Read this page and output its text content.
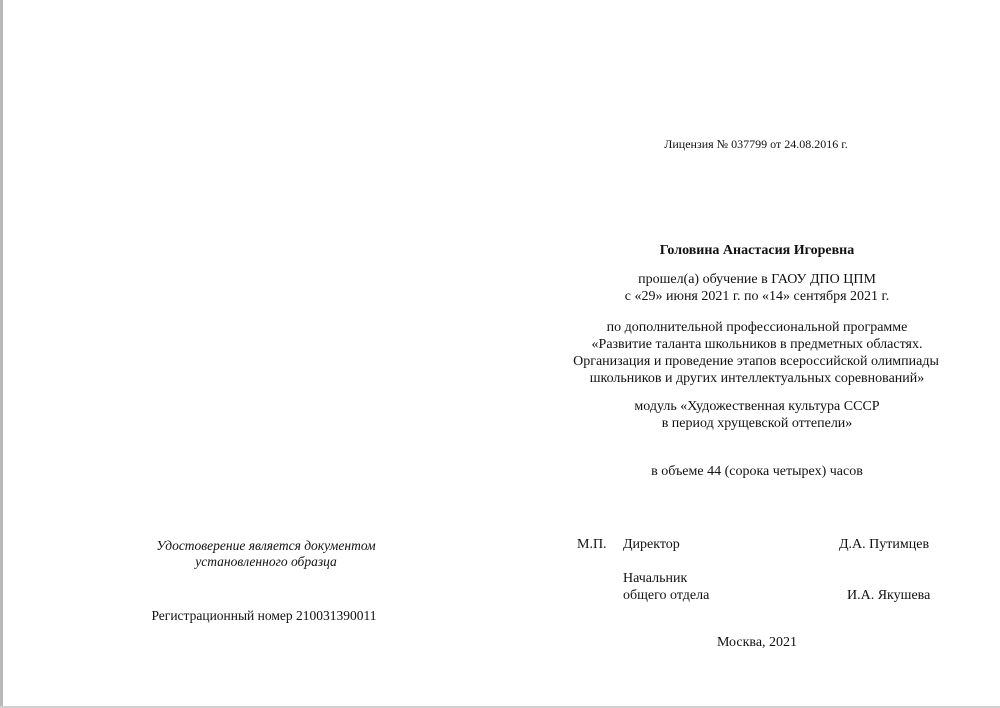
Лицензия № 037799 от 24.08.2016 г.
Головина Анастасия Игоревна
прошел(а) обучение в ГАОУ ДПО ЦПМ
с «29» июня 2021 г. по «14» сентября 2021 г.
по дополнительной профессиональной программе
«Развитие таланта школьников в предметных областях.
Организация и проведение этапов всероссийской олимпиады
школьников и других интеллектуальных соревнований»
модуль «Художественная культура СССР
в период хрущевской оттепели»
в объеме 44 (сорока четырех) часов
Удостоверение является документом
установленного образца
Регистрационный номер 210031390011
М.П. Директор	Д.А. Путимцев
Начальник
общего отдела	И.А. Якушева
Москва, 2021
